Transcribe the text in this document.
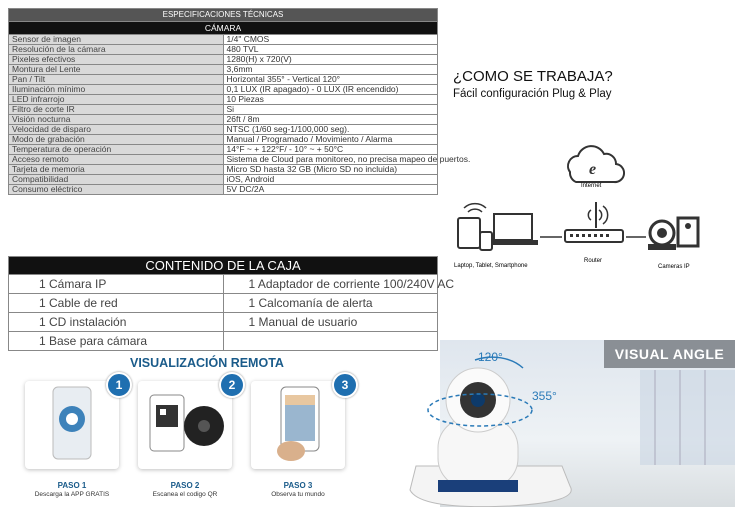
ESPECIFICACIONES TÉCNICAS	
CÁMARA	
Sensor de imagen	1/4" CMOS
Resolución de la cámara	480 TVL
Pixeles efectivos	1280(H) x 720(V)
Montura del Lente	3,6mm
Pan / Tilt	Horizontal 355° - Vertical 120°
Iluminación mínimo	0,1 LUX (IR apagado) - 0 LUX (IR encendido)
LED infrarrojo	10 Piezas
Filtro de corte IR	Si
Visión nocturna	26ft / 8m
Velocidad de disparo	NTSC (1/60 seg-1/100,000 seg).
Modo de grabación	Manual / Programado / Movimiento / Alarma
Temperatura de operación	14°F ~ + 122°F/ - 10° ~ + 50°C
Acceso remoto	Sistema de Cloud para monitoreo, no precisa mapeo de puertos.
Tarjeta de memoria	Micro SD hasta 32 GB (Micro SD no incluida)
Compatibilidad	iOS, Android
Consumo eléctrico	5V DC/2A
CONTENIDO DE LA CAJA	
1 Cámara IP	1 Adaptador de corriente 100/240V AC
1 Cable de red	1 Calcomanía de alerta
1 CD instalación	1 Manual de usuario
1 Base para cámara	
¿COMO SE TRABAJA?
Fácil configuración Plug & Play
e
Internet
Laptop, Tablet, Smartphone
Router
Cameras IP
VISUALIZACIÓN REMOTA
1
PASO 1
Descarga la APP GRATIS
2
PASO 2
Escanea el codigo QR
3
PASO 3
Observa tu mundo
VISUAL ANGLE
120°
355°
